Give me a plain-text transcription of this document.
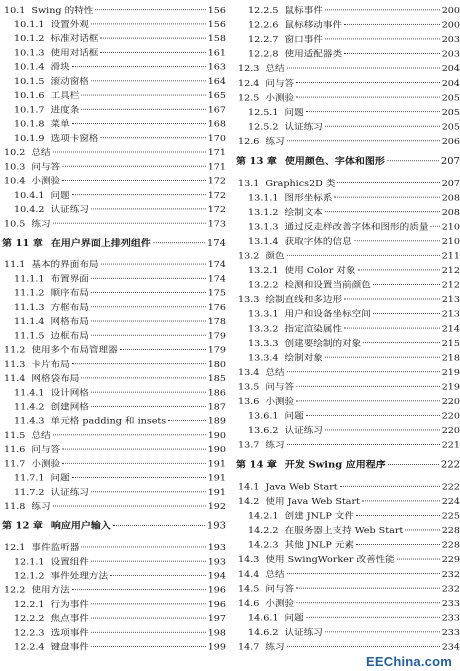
10.1 Swing 的特性	156
10.1.1 设置外观	156
10.1.2 标准对话框	158
10.1.3 使用对话框	161
10.1.4 滑块	163
10.1.5 滚动窗格	164
10.1.6 工具栏	165
10.1.7 进度条	167
10.1.8 菜单	168
10.1.9 选项卡窗格	170
10.2 总结	171
10.3 问与答	171
10.4 小测验	172
10.4.1 问题	172
10.4.2 认证练习	172
10.5 练习	173
第 11 章 在用户界面上排列组件	174
11.1 基本的界面布局	174
11.1.1 布置界面	174
11.1.2 顺序布局	175
11.1.3 方框布局	176
11.1.4 网格布局	178
11.1.5 边框布局	179
11.2 使用多个布局管理器	179
11.3 卡片布局	180
11.4 网格袋布局	185
11.4.1 设计网格	186
11.4.2 创建网格	187
11.4.3 单元格 padding 和 insets	189
11.5 总结	190
11.6 问与答	190
11.7 小测验	191
11.7.1 问题	191
11.7.2 认证练习	191
11.8 练习	192
第 12 章 响应用户输入	193
12.1 事件监听器	193
12.1.1 设置组件	193
12.1.2 事件处理方法	194
12.2 使用方法	196
12.2.1 行为事件	196
12.2.2 焦点事件	197
12.2.3 选项事件	198
12.2.4 键盘事件	199
12.2.5 鼠标事件	200
12.2.6 鼠标移动事件	200
12.2.7 窗口事件	203
12.2.8 使用适配器类	203
12.3 总结	204
12.4 问与答	204
12.5 小测验	205
12.5.1 问题	205
12.5.2 认证练习	205
12.6 练习	206
第 13 章 使用颜色、字体和图形	207
13.1 Graphics2D 类	207
13.1.1 图形坐标系	208
13.1.2 绘制文本	208
13.1.3 通过反走样改善字体和图形的质量 210
13.1.4 获取字体的信息	210
13.2 颜色	211
13.2.1 使用 Color 对象	212
13.2.2 检测和设置当前颜色	212
13.3 绘制直线和多边形	213
13.3.1 用户和设备坐标空间	213
13.3.2 指定渲染属性	214
13.3.3 创建要绘制的对象	215
13.3.4 绘制对象	218
13.4 总结	219
13.5 问与答	219
13.6 小测验	220
13.6.1 问题	220
13.6.2 认证练习	220
13.7 练习	221
第 14 章 开发 Swing 应用程序	222
14.1 Java Web Start	222
14.2 使用 Java Web Start	224
14.2.1 创建 JNLP 文件	225
14.2.2 在服务器上支持 Web Start	228
14.2.3 其他 JNLP 元素	228
14.3 使用 SwingWorker 改善性能	229
14.4 总结	232
14.5 问与答	232
14.6 小测验	233
14.6.1 问题	233
14.6.2 认证练习	233
14.7 练习	234
EEChina.com
